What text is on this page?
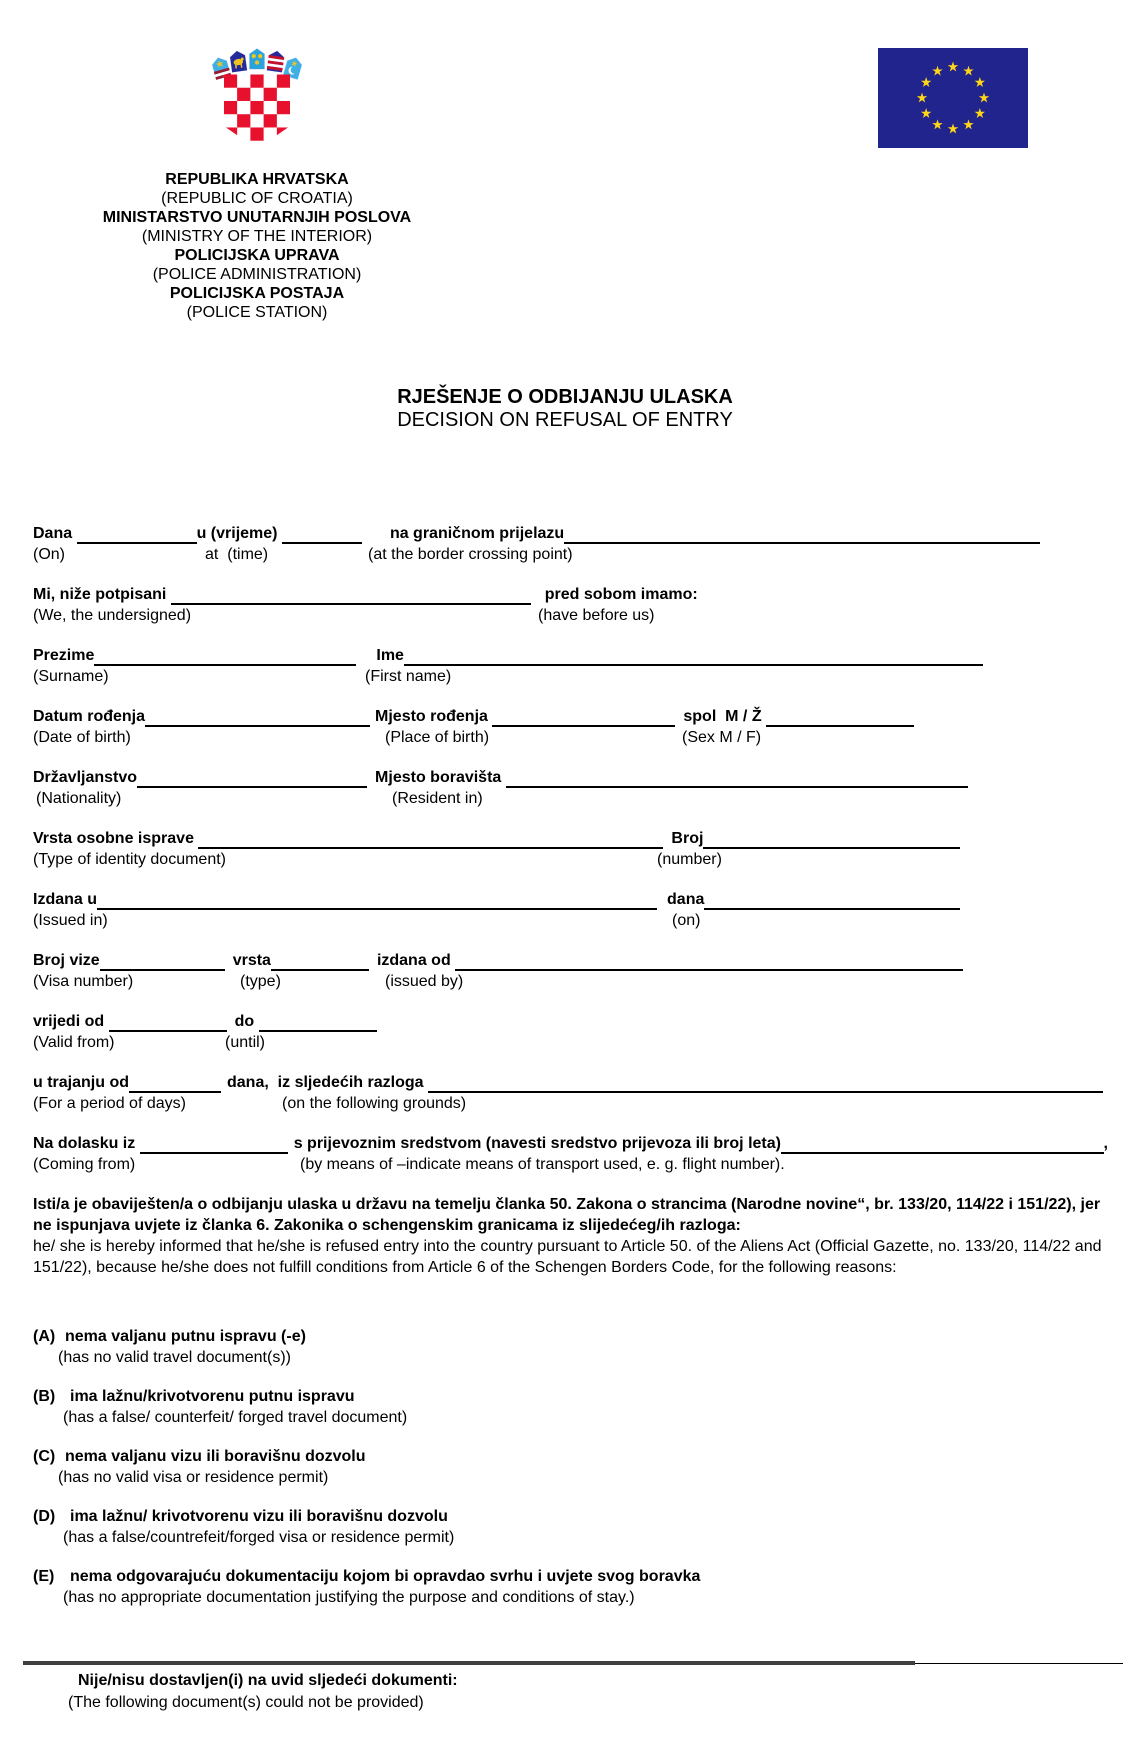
REPUBLIKA HRVATSKA
(REPUBLIC OF CROATIA)
MINISTARSTVO UNUTARNJIH POSLOVA
(MINISTRY OF THE INTERIOR)
POLICIJSKA UPRAVA
(POLICE ADMINISTRATION)
POLICIJSKA POSTAJA
(POLICE STATION)
RJEŠENJE O ODBIJANJU ULASKA
DECISION ON REFUSAL OF ENTRY
Dana	u (vrijeme)	na graničnom prijelazu
(On)	at  (time)	(at the border crossing point)
Mi, niže potpisani	pred sobom imamo:
(We, the undersigned)	(have before us)
Prezime	Ime
(Surname)	(First name)
Datum rođenja	Mjesto rođenja	spol  M / Ž
(Date of birth)	(Place of birth)	(Sex M / F)
Državljanstvo	Mjesto boravišta
(Nationality)	(Resident in)
Vrsta osobne isprave	Broj
(Type of identity document)	(number)
Izdana u	dana
(Issued in)	(on)
Broj vize	vrsta	izdana od
(Visa number)	(type)	(issued by)
vrijedi od	do
(Valid from)	(until)
u trajanju od	dana,  iz sljedećih razloga
(For a period of days)	(on the following grounds)
Na dolasku iz	s prijevoznim sredstvom (navesti sredstvo prijevoza ili broj leta)	,
(Coming from)	(by means of –indicate means of transport used, e. g. flight number).
Isti/a je obaviješten/a o odbijanju ulaska u državu na temelju članka 50. Zakona o strancima (Narodne novine“, br. 133/20, 114/22 i 151/22), jer ne ispunjava uvjete iz članka 6. Zakonika o schengenskim granicama iz slijedećeg/ih razloga:
he/ she is hereby informed that he/she is refused entry into the country pursuant to Article 50. of the Aliens Act (Official Gazette, no. 133/20, 114/22 and 151/22), because he/she does not fulfill conditions from Article 6 of the Schengen Borders Code, for the following reasons:
(A) nema valjanu putnu ispravu (-e)
(has no valid travel document(s))
(B) ima lažnu/krivotvorenu putnu ispravu
(has a false/ counterfeit/ forged travel document)
(C) nema valjanu vizu ili boravišnu dozvolu
(has no valid visa or residence permit)
(D) ima lažnu/ krivotvorenu vizu ili boravišnu dozvolu
(has a false/countrefeit/forged visa or residence permit)
(E) nema odgovarajuću dokumentaciju kojom bi opravdao svrhu i uvjete svog boravka
(has no appropriate documentation justifying the purpose and conditions of stay.)
Nije/nisu dostavljen(i) na uvid sljedeći dokumenti:
(The following document(s) could not be provided)
